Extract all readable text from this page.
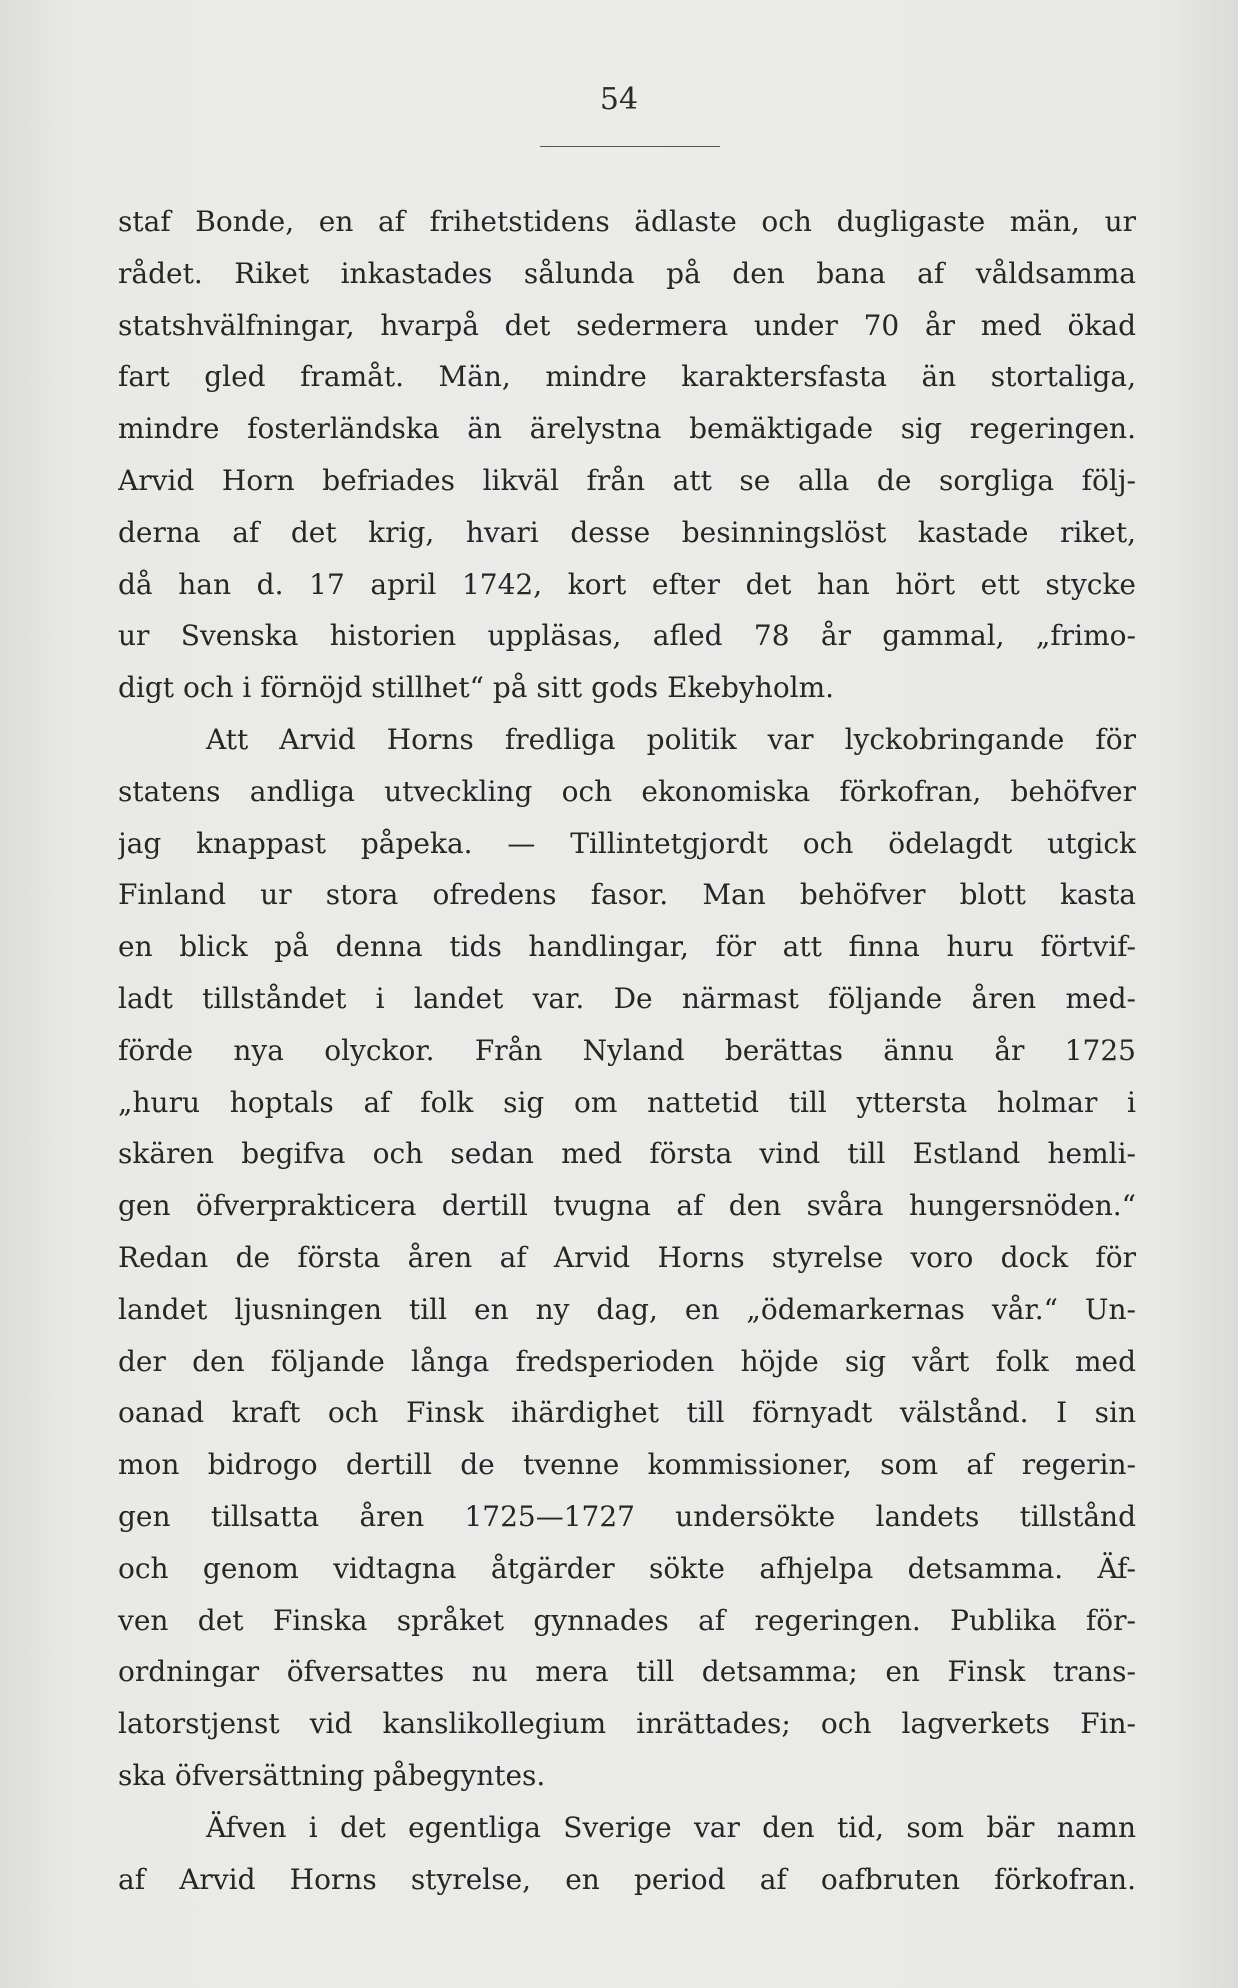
54
staf Bonde, en af frihetstidens ädlaste och dugligaste män, ur
rådet. Riket inkastades sålunda på den bana af våldsamma
statshvälfningar, hvarpå det sedermera under 70 år med ökad
fart gled framåt. Män, mindre karaktersfasta än stortaliga,
mindre fosterländska än ärelystna bemäktigade sig regeringen.
Arvid Horn befriades likväl från att se alla de sorgliga följ-
derna af det krig, hvari desse besinningslöst kastade riket,
då han d. 17 april 1742, kort efter det han hört ett stycke
ur Svenska historien uppläsas, afled 78 år gammal, „frimo-
digt och i förnöjd stillhet“ på sitt gods Ekebyholm.
Att Arvid Horns fredliga politik var lyckobringande för
statens andliga utveckling och ekonomiska förkofran, behöfver
jag knappast påpeka. — Tillintetgjordt och ödelagdt utgick
Finland ur stora ofredens fasor. Man behöfver blott kasta
en blick på denna tids handlingar, för att finna huru förtvif-
ladt tillståndet i landet var. De närmast följande åren med-
förde nya olyckor. Från Nyland berättas ännu år 1725
„huru hoptals af folk sig om nattetid till yttersta holmar i
skären begifva och sedan med första vind till Estland hemli-
gen öfverprakticera dertill tvugna af den svåra hungersnöden.“
Redan de första åren af Arvid Horns styrelse voro dock för
landet ljusningen till en ny dag, en „ödemarkernas vår.“ Un-
der den följande långa fredsperioden höjde sig vårt folk med
oanad kraft och Finsk ihärdighet till förnyadt välstånd. I sin
mon bidrogo dertill de tvenne kommissioner, som af regerin-
gen tillsatta åren 1725—1727 undersökte landets tillstånd
och genom vidtagna åtgärder sökte afhjelpa detsamma. Äf-
ven det Finska språket gynnades af regeringen. Publika för-
ordningar öfversattes nu mera till detsamma; en Finsk trans-
latorstjenst vid kanslikollegium inrättades; och lagverkets Fin-
ska öfversättning påbegyntes.
Äfven i det egentliga Sverige var den tid, som bär namn
af Arvid Horns styrelse, en period af oafbruten förkofran.
